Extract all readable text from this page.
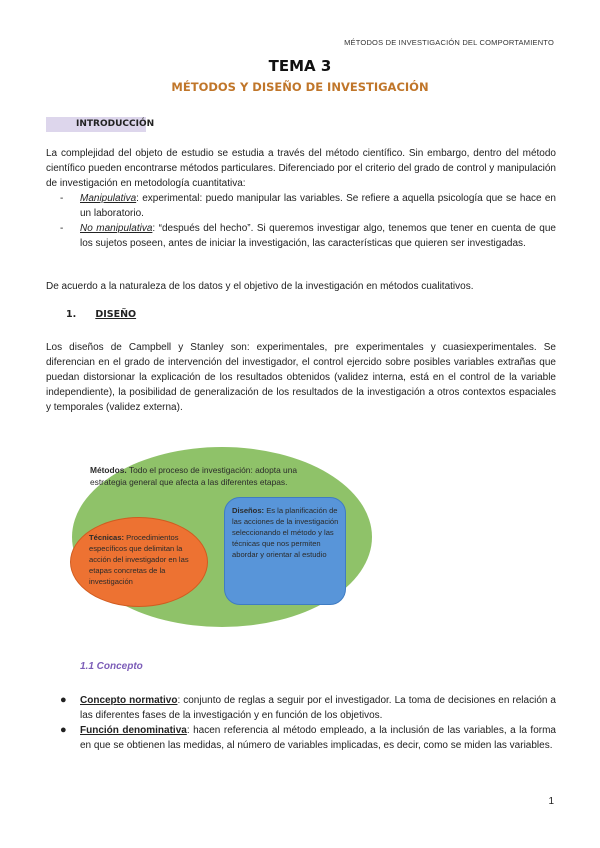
MÉTODOS DE INVESTIGACIÓN DEL COMPORTAMIENTO
TEMA 3
MÉTODOS Y DISEÑO DE INVESTIGACIÓN
INTRODUCCIÓN
La complejidad del objeto de estudio se estudia a través del método científico. Sin embargo, dentro del método científico pueden encontrarse métodos particulares. Diferenciado por el criterio del grado de control y manipulación de investigación en metodología cuantitativa:
- Manipulativa: experimental: puedo manipular las variables. Se refiere a aquella psicología que se hace en un laboratorio.
- No manipulativa: “después del hecho”. Si queremos investigar algo, tenemos que tener en cuenta de que los sujetos poseen, antes de iniciar la investigación, las características que quieren ser investigadas.
De acuerdo a la naturaleza de los datos y el objetivo de la investigación en métodos cualitativos.
1. DISEÑO
Los diseños de Campbell y Stanley son: experimentales, pre experimentales y cuasiexperimentales. Se diferencian en el grado de intervención del investigador, el control ejercido sobre posibles variables extrañas que puedan distorsionar la explicación de los resultados obtenidos (validez interna, está en el control de la variable independiente), la posibilidad de generalización de los resultados de la investigación a otros contextos espaciales y temporales (validez externa).
Métodos. Todo el proceso de investigación: adopta una estrategia general que afecta a las diferentes etapas.
Técnicas: Procedimientos específicos que delimitan la acción del investigador en las etapas concretas de la investigación
Diseños: Es la planificación de las acciones de la investigación seleccionando el método y las técnicas que nos permiten abordar y orientar al estudio
1.1 Concepto
● Concepto normativo: conjunto de reglas a seguir por el investigador. La toma de decisiones en relación a las diferentes fases de la investigación y en función de los objetivos.
● Función denominativa: hacen referencia al método empleado, a la inclusión de las variables, a la forma en que se obtienen las medidas, al número de variables implicadas, es decir, como se miden las variables.
1
